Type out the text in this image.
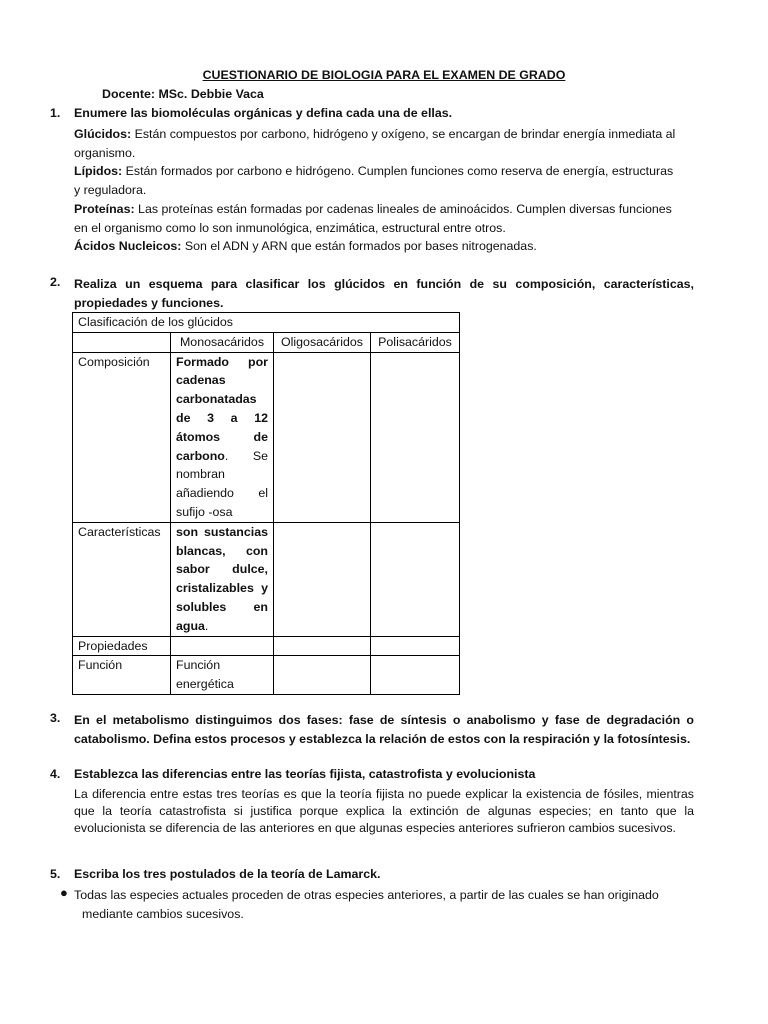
CUESTIONARIO DE BIOLOGIA PARA EL EXAMEN DE GRADO
Docente: MSc. Debbie Vaca
1. Enumere las biomoléculas orgánicas y defina cada una de ellas.
Glúcidos: Están compuestos por carbono, hidrógeno y oxígeno, se encargan de brindar energía inmediata al
organismo.
Lípidos: Están formados por carbono e hidrógeno. Cumplen funciones como reserva de energía, estructuras
y reguladora.
Proteínas: Las proteínas están formadas por cadenas lineales de aminoácidos. Cumplen diversas funciones
en el organismo como lo son inmunológica, enzimática, estructural entre otros.
Ácidos Nucleicos: Son el ADN y ARN que están formados por bases nitrogenadas.
2. Realiza un esquema para clasificar los glúcidos en función de su composición, características, propiedades y funciones.
Clasificación de los glúcidos			
	Monosacáridos	Oligosacáridos	Polisacáridos
Composición	Formado por cadenas carbonatadas de 3 a 12 átomos de carbono. Se nombran añadiendo el sufijo -osa		
Características	son sustancias blancas, con sabor dulce, cristalizables y solubles en agua.		
Propiedades			
Función	Función energética		
3. En el metabolismo distinguimos dos fases: fase de síntesis o anabolismo y fase de degradación o catabolismo. Defina estos procesos y establezca la relación de estos con la respiración y la fotosíntesis.
4. Establezca las diferencias entre las teorías fijista, catastrofista y evolucionista
La diferencia entre estas tres teorías es que la teoría fijista no puede explicar la existencia de fósiles, mientras que la teoría catastrofista si justifica porque explica la extinción de algunas especies; en tanto que la evolucionista se diferencia de las anteriores en que algunas especies anteriores sufrieron cambios sucesivos.
5. Escriba los tres postulados de la teoría de Lamarck.
● Todas las especies actuales proceden de otras especies anteriores, a partir de las cuales se han originado
mediante cambios sucesivos.
